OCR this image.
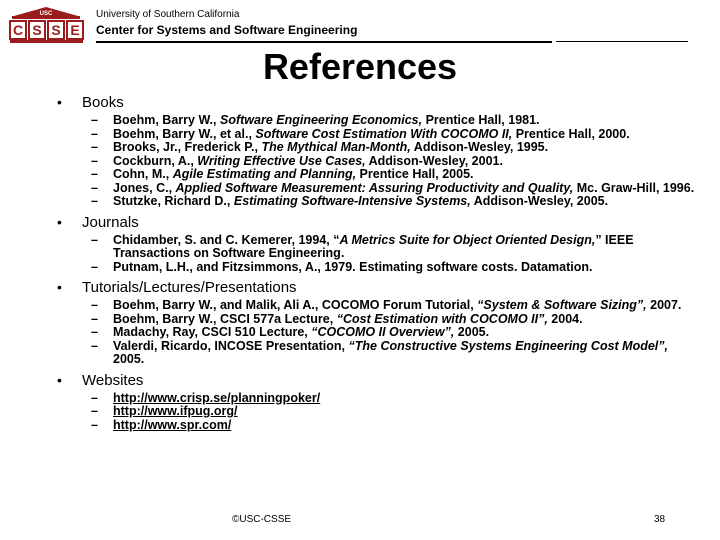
C S S E
USC	University of Southern California
Center for Systems and Software Engineering
References
• Books
– Boehm, Barry W., Software Engineering Economics, Prentice Hall, 1981.
– Boehm, Barry W., et al., Software Cost Estimation With COCOMO II, Prentice Hall, 2000.
– Brooks, Jr., Frederick P., The Mythical Man-Month, Addison-Wesley, 1995.
– Cockburn, A., Writing Effective Use Cases, Addison-Wesley, 2001.
– Cohn, M., Agile Estimating and Planning, Prentice Hall, 2005.
– Jones, C., Applied Software Measurement: Assuring Productivity and Quality, Mc. Graw-Hill, 1996.
– Stutzke, Richard D., Estimating Software-Intensive Systems, Addison-Wesley, 2005.
• Journals
– Chidamber, S. and C. Kemerer, 1994, “A Metrics Suite for Object Oriented Design,” IEEE Transactions on Software Engineering.
– Putnam, L.H., and Fitzsimmons, A., 1979. Estimating software costs. Datamation.
• Tutorials/Lectures/Presentations
– Boehm, Barry W., and Malik, Ali A., COCOMO Forum Tutorial, “System & Software Sizing”, 2007.
– Boehm, Barry W., CSCI 577a Lecture, “Cost Estimation with COCOMO II”, 2004.
– Madachy, Ray, CSCI 510 Lecture, “COCOMO II Overview”, 2005.
– Valerdi, Ricardo, INCOSE Presentation, “The Constructive Systems Engineering Cost Model”, 2005.
• Websites
– http://www.crisp.se/planningpoker/
– http://www.ifpug.org/
– http://www.spr.com/
©USC-CSSE	38
